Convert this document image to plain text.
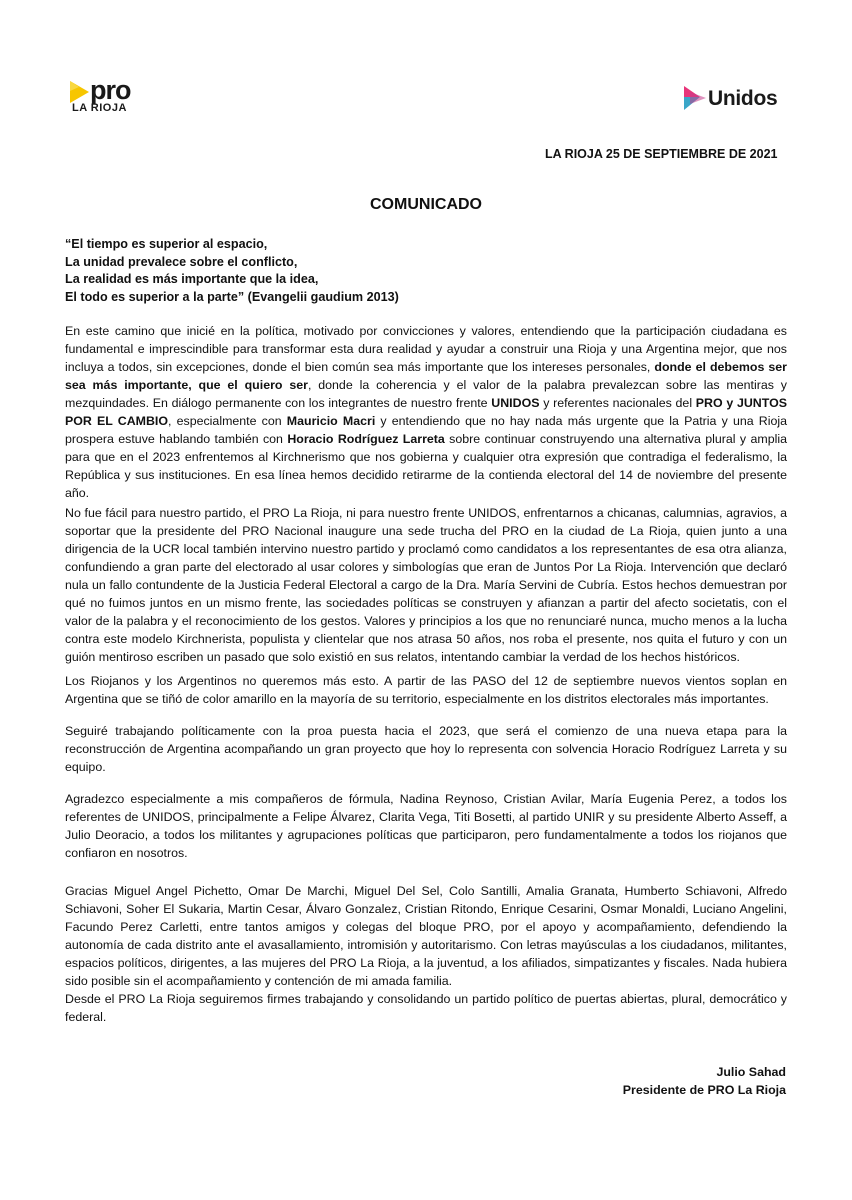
pro
LA RIOJA	Unidos
LA RIOJA 25 DE SEPTIEMBRE DE 2021
COMUNICADO
“El tiempo es superior al espacio,
La unidad prevalece sobre el conflicto,
La realidad es más importante que la idea,
El todo es superior a la parte” (Evangelii gaudium 2013)

En este camino que inicié en la política, motivado por convicciones y valores, entendiendo que la participación ciudadana es fundamental e imprescindible para transformar esta dura realidad y ayudar a construir una Rioja y una Argentina mejor, que nos incluya a todos, sin excepciones, donde el bien común sea más importante que los intereses personales, donde el debemos ser sea más importante, que el quiero ser, donde la coherencia y el valor de la palabra prevalezcan sobre las mentiras y mezquindades. En diálogo permanente con los integrantes de nuestro frente UNIDOS y referentes nacionales del PRO y JUNTOS POR EL CAMBIO, especialmente con Mauricio Macri y entendiendo que no hay nada más urgente que la Patria y una Rioja prospera estuve hablando también con Horacio Rodríguez Larreta sobre continuar construyendo una alternativa plural y amplia para que en el 2023 enfrentemos al Kirchnerismo que nos gobierna y cualquier otra expresión que contradiga el federalismo, la República y sus instituciones. En esa línea hemos decidido retirarme de la contienda electoral del 14 de noviembre del presente año.

No fue fácil para nuestro partido, el PRO La Rioja, ni para nuestro frente UNIDOS, enfrentarnos a chicanas, calumnias, agravios, a soportar que la presidente del PRO Nacional inaugure una sede trucha del PRO en la ciudad de La Rioja, quien junto a una dirigencia de la UCR local también intervino nuestro partido y proclamó como candidatos a los representantes de esa otra alianza, confundiendo a gran parte del electorado al usar colores y simbologías que eran de Juntos Por La Rioja. Intervención que declaró nula un fallo contundente de la Justicia Federal Electoral a cargo de la Dra. María Servini de Cubría. Estos hechos demuestran por qué no fuimos juntos en un mismo frente, las sociedades políticas se construyen y afianzan a partir del afecto societatis, con el valor de la palabra y el reconocimiento de los gestos. Valores y principios a los que no renunciaré nunca, mucho menos a la lucha contra este modelo Kirchnerista, populista y clientelar que nos atrasa 50 años, nos roba el presente, nos quita el futuro y con un guión mentiroso escriben un pasado que solo existió en sus relatos, intentando cambiar la verdad de los hechos históricos.

Los Riojanos y los Argentinos no queremos más esto. A partir de las PASO del 12 de septiembre nuevos vientos soplan en Argentina que se tiñó de color amarillo en la mayoría de su territorio, especialmente en los distritos electorales más importantes.

Seguiré trabajando políticamente con la proa puesta hacia el 2023, que será el comienzo de una nueva etapa para la reconstrucción de Argentina acompañando un gran proyecto que hoy lo representa con solvencia Horacio Rodríguez Larreta y su equipo.

Agradezco especialmente a mis compañeros de fórmula, Nadina Reynoso, Cristian Avilar, María Eugenia Perez, a todos los referentes de UNIDOS, principalmente a Felipe Álvarez, Clarita Vega, Titi Bosetti, al partido UNIR y su presidente Alberto Asseff, a Julio Deoracio, a todos los militantes y agrupaciones políticas que participaron, pero fundamentalmente a todos los riojanos que confiaron en nosotros.

Gracias Miguel Angel Pichetto, Omar De Marchi, Miguel Del Sel, Colo Santilli, Amalia Granata, Humberto Schiavoni, Alfredo Schiavoni, Soher El Sukaria, Martin Cesar, Álvaro Gonzalez, Cristian Ritondo, Enrique Cesarini, Osmar Monaldi, Luciano Angelini, Facundo Perez Carletti, entre tantos amigos y colegas del bloque PRO, por el apoyo y acompañamiento, defendiendo la autonomía de cada distrito ante el avasallamiento, intromisión y autoritarismo. Con letras mayúsculas a los ciudadanos, militantes, espacios políticos, dirigentes, a las mujeres del PRO La Rioja, a la juventud, a los afiliados, simpatizantes y fiscales. Nada hubiera sido posible sin el acompañamiento y contención de mi amada familia.

Desde el PRO La Rioja seguiremos firmes trabajando y consolidando un partido político de puertas abiertas, plural, democrático y federal.

Julio Sahad
Presidente de PRO La Rioja
